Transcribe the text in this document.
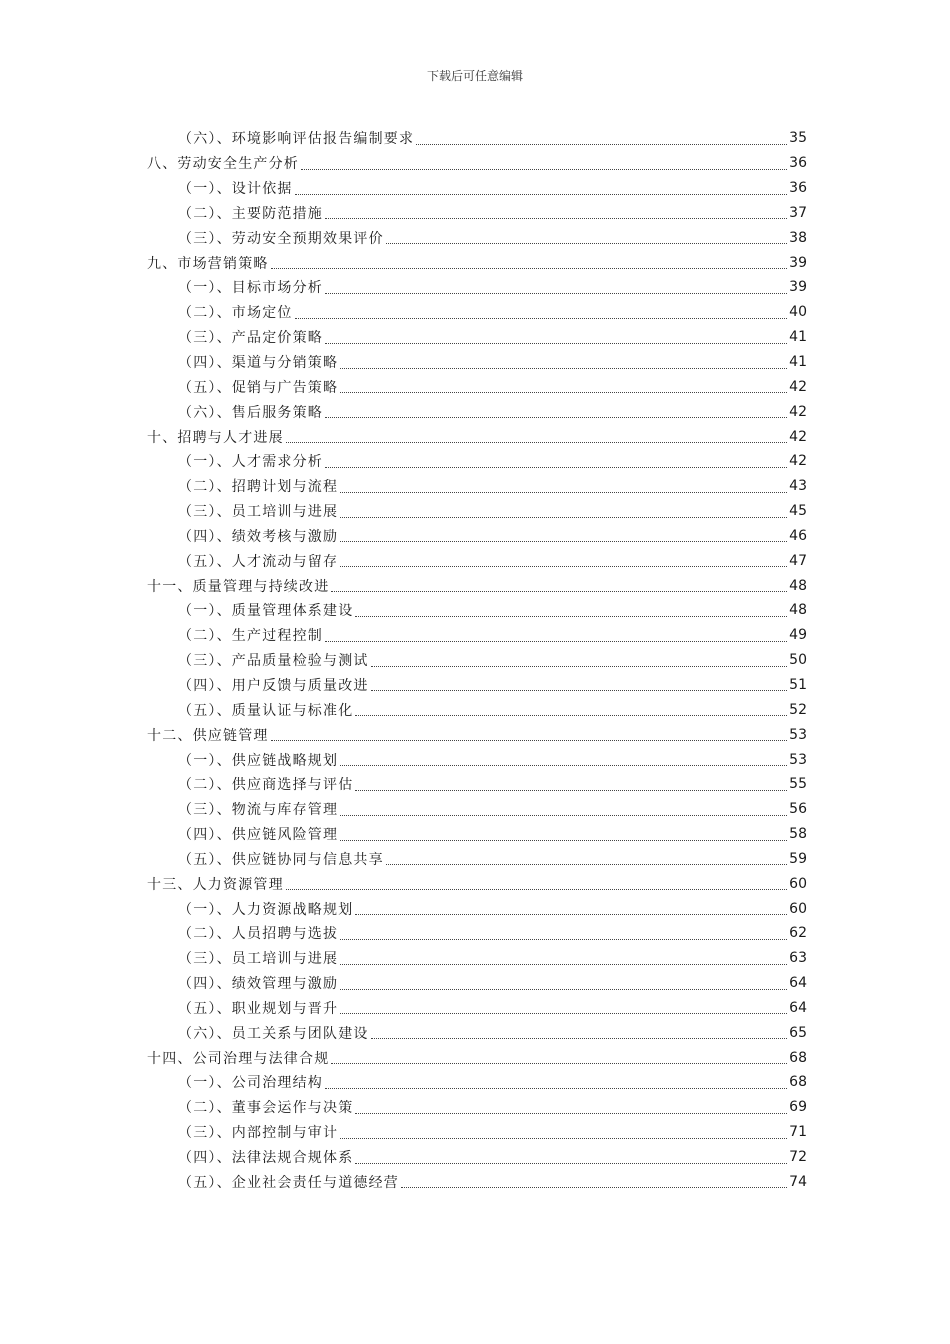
下载后可任意编辑
（六）、环境影响评估报告编制要求	35
八、劳动安全生产分析	36
（一）、设计依据	36
（二）、主要防范措施	37
（三）、劳动安全预期效果评价	38
九、市场营销策略	39
（一）、目标市场分析	39
（二）、市场定位	40
（三）、产品定价策略	41
（四）、渠道与分销策略	41
（五）、促销与广告策略	42
（六）、售后服务策略	42
十、招聘与人才进展	42
（一）、人才需求分析	42
（二）、招聘计划与流程	43
（三）、员工培训与进展	45
（四）、绩效考核与激励	46
（五）、人才流动与留存	47
十一、质量管理与持续改进	48
（一）、质量管理体系建设	48
（二）、生产过程控制	49
（三）、产品质量检验与测试	50
（四）、用户反馈与质量改进	51
（五）、质量认证与标准化	52
十二、供应链管理	53
（一）、供应链战略规划	53
（二）、供应商选择与评估	55
（三）、物流与库存管理	56
（四）、供应链风险管理	58
（五）、供应链协同与信息共享	59
十三、人力资源管理	60
（一）、人力资源战略规划	60
（二）、人员招聘与选拔	62
（三）、员工培训与进展	63
（四）、绩效管理与激励	64
（五）、职业规划与晋升	64
（六）、员工关系与团队建设	65
十四、公司治理与法律合规	68
（一）、公司治理结构	68
（二）、董事会运作与决策	69
（三）、内部控制与审计	71
（四）、法律法规合规体系	72
（五）、企业社会责任与道德经营	74
